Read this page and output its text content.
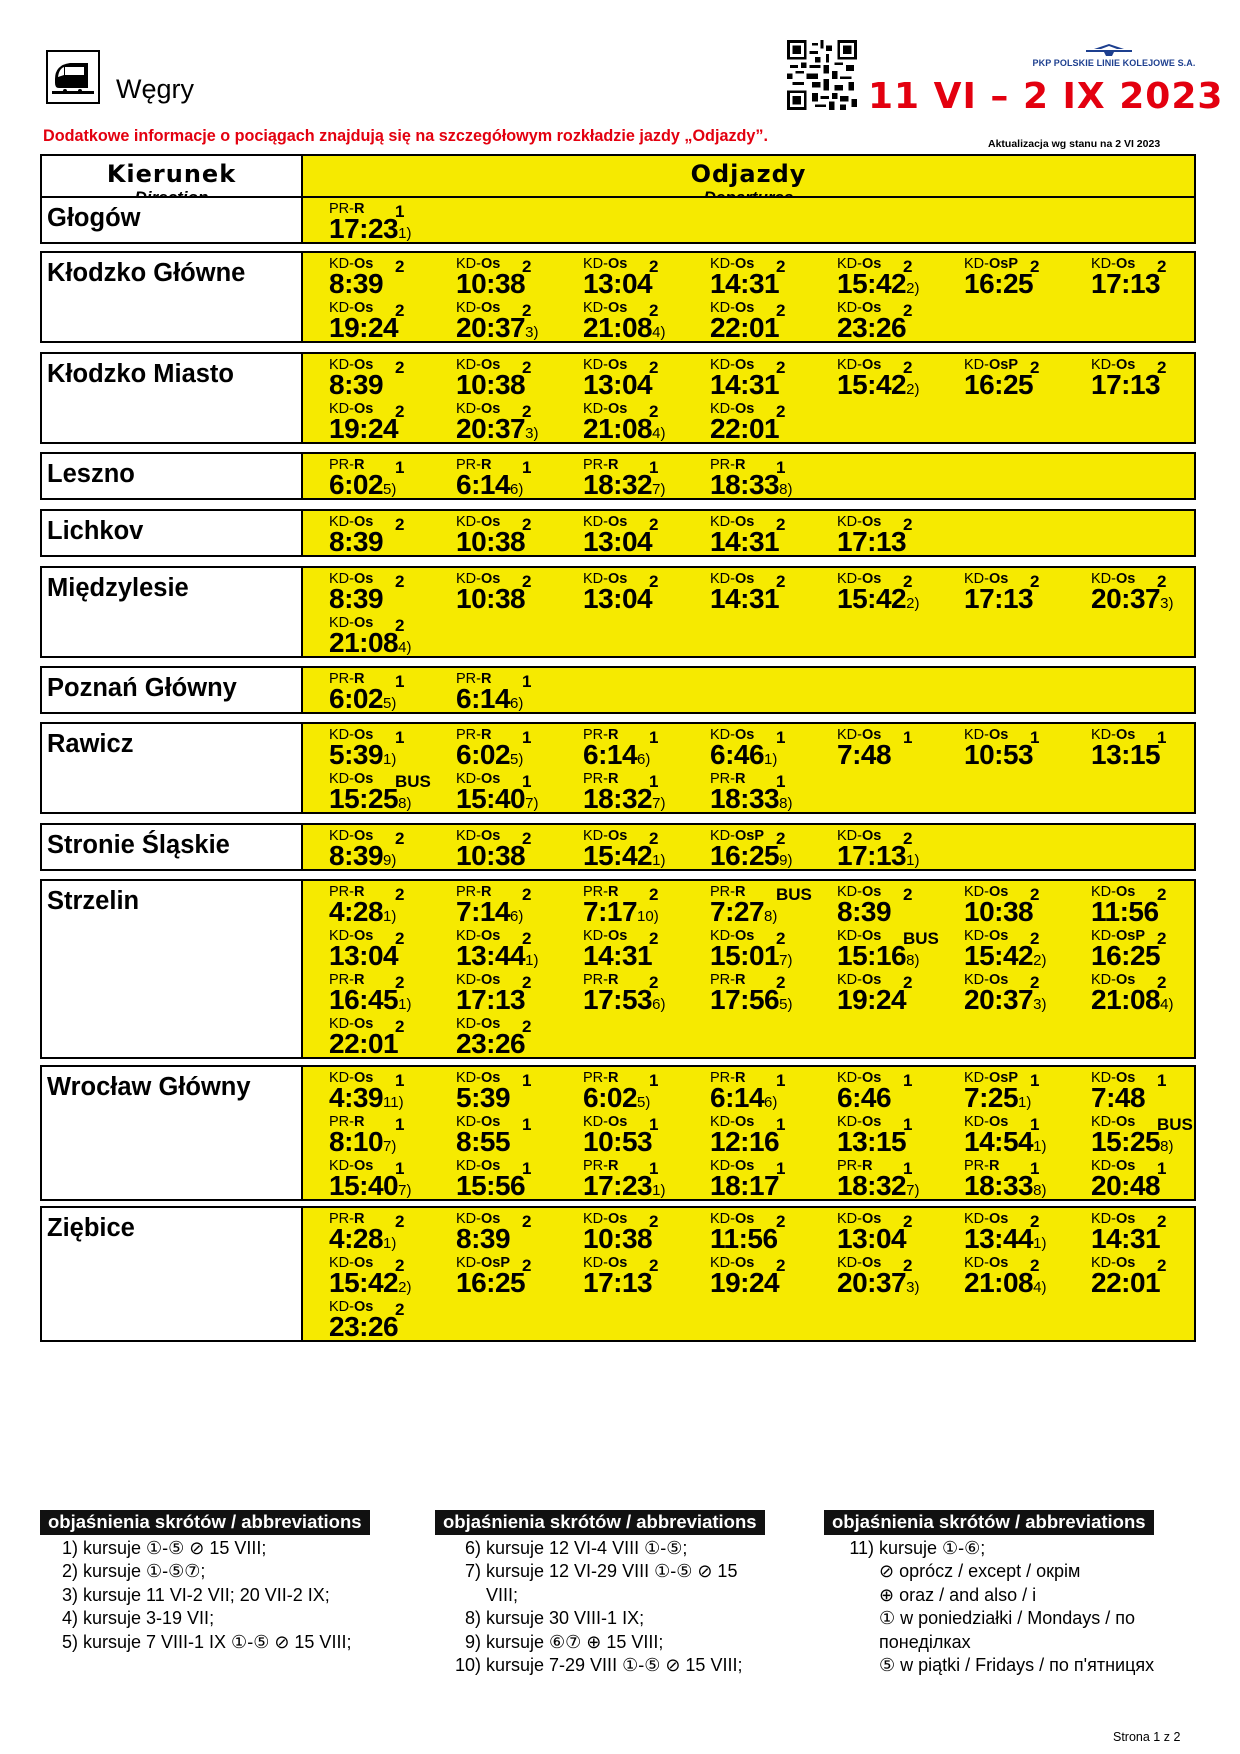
Węgry
PKP POLSKIE LINIE KOLEJOWE S.A.
11 VI – 2 IX 2023
Dodatkowe informacje o pociągach znajdują się na szczegółowym rozkładzie jazdy „Odjazdy”.	Aktualizacja wg stanu na 2 VI 2023
Kierunek	Odjazdy
Głogów	PR-R 1
17:231)
Kłodzko Główne	KD-Os 2
8:39
KD-Os 2
10:38
KD-Os 2
13:04
KD-Os 2
14:31
KD-Os 2
15:422)
KD-OsP 2
16:25
KD-Os 2
17:13
KD-Os 2
19:24
KD-Os 2
20:373)
KD-Os 2
21:084)
KD-Os 2
22:01
KD-Os 2
23:26
Kłodzko Miasto	KD-Os 2
8:39
KD-Os 2
10:38
KD-Os 2
13:04
KD-Os 2
14:31
KD-Os 2
15:422)
KD-OsP 2
16:25
KD-Os 2
17:13
KD-Os 2
19:24
KD-Os 2
20:373)
KD-Os 2
21:084)
KD-Os 2
22:01
Leszno	PR-R 1
6:025)
PR-R 1
6:146)
PR-R 1
18:327)
PR-R 1
18:338)
Lichkov	KD-Os 2
8:39
KD-Os 2
10:38
KD-Os 2
13:04
KD-Os 2
14:31
KD-Os 2
17:13
Międzylesie	KD-Os 2
8:39
KD-Os 2
10:38
KD-Os 2
13:04
KD-Os 2
14:31
KD-Os 2
15:422)
KD-Os 2
17:13
KD-Os 2
20:373)
KD-Os 2
21:084)
Poznań Główny	PR-R 1
6:025)
PR-R 1
6:146)
Rawicz	KD-Os 1
5:391)
PR-R 1
6:025)
PR-R 1
6:146)
KD-Os 1
6:461)
KD-Os 1
7:48
KD-Os 1
10:53
KD-Os 1
13:15
KD-Os BUS
15:258)
KD-Os 1
15:407)
PR-R 1
18:327)
PR-R 1
18:338)
Stronie Śląskie	KD-Os 2
8:399)
KD-Os 2
10:38
KD-Os 2
15:421)
KD-OsP 2
16:259)
KD-Os 2
17:131)
Strzelin	PR-R 2
4:281)
PR-R 2
7:146)
PR-R 2
7:1710)
PR-R BUS
7:278)
KD-Os 2
8:39
KD-Os 2
10:38
KD-Os 2
11:56
KD-Os 2
13:04
KD-Os 2
13:441)
KD-Os 2
14:31
KD-Os 2
15:017)
KD-Os BUS
15:168)
KD-Os 2
15:422)
KD-OsP 2
16:25
PR-R 2
16:451)
KD-Os 2
17:13
PR-R 2
17:536)
PR-R 2
17:565)
KD-Os 2
19:24
KD-Os 2
20:373)
KD-Os 2
21:084)
KD-Os 2
22:01
KD-Os 2
23:26
Wrocław Główny	KD-Os 1
4:3911)
KD-Os 1
5:39
PR-R 1
6:025)
PR-R 1
6:146)
KD-Os 1
6:46
KD-OsP 1
7:251)
KD-Os 1
7:48
PR-R 1
8:107)
KD-Os 1
8:55
KD-Os 1
10:53
KD-Os 1
12:16
KD-Os 1
13:15
KD-Os 1
14:541)
KD-Os BUS
15:258)
KD-Os 1
15:407)
KD-Os 1
15:56
PR-R 1
17:231)
KD-Os 1
18:17
PR-R 1
18:327)
PR-R 1
18:338)
KD-Os 1
20:48
Ziębice	PR-R 2
4:281)
KD-Os 2
8:39
KD-Os 2
10:38
KD-Os 2
11:56
KD-Os 2
13:04
KD-Os 2
13:441)
KD-Os 2
14:31
KD-Os 2
15:422)
KD-OsP 2
16:25
KD-Os 2
17:13
KD-Os 2
19:24
KD-Os 2
20:373)
KD-Os 2
21:084)
KD-Os 2
22:01
KD-Os 2
23:26
objaśnienia skrótów / abbreviations
1) kursuje ①-⑤ ⊘ 15 VIII;
2) kursuje ①-⑤⑦;
3) kursuje 11 VI-2 VII; 20 VII-2 IX;
4) kursuje 3-19 VII;
5) kursuje 7 VIII-1 IX ①-⑤ ⊘ 15 VIII;
objaśnienia skrótów / abbreviations
6) kursuje 12 VI-4 VIII ①-⑤;
7) kursuje 12 VI-29 VIII ①-⑤ ⊘ 15
VIII;
8) kursuje 30 VIII-1 IX;
9) kursuje ⑥⑦ ⊕ 15 VIII;
10) kursuje 7-29 VIII ①-⑤ ⊘ 15 VIII;
objaśnienia skrótów / abbreviations
11) kursuje ①-⑥;
⊘ oprócz / except / окрім
⊕ oraz / and also / і
① w poniedziałki / Mondays / по
понеділках
⑤ w piątki / Fridays / по п'ятницях
Strona 1 z 2
